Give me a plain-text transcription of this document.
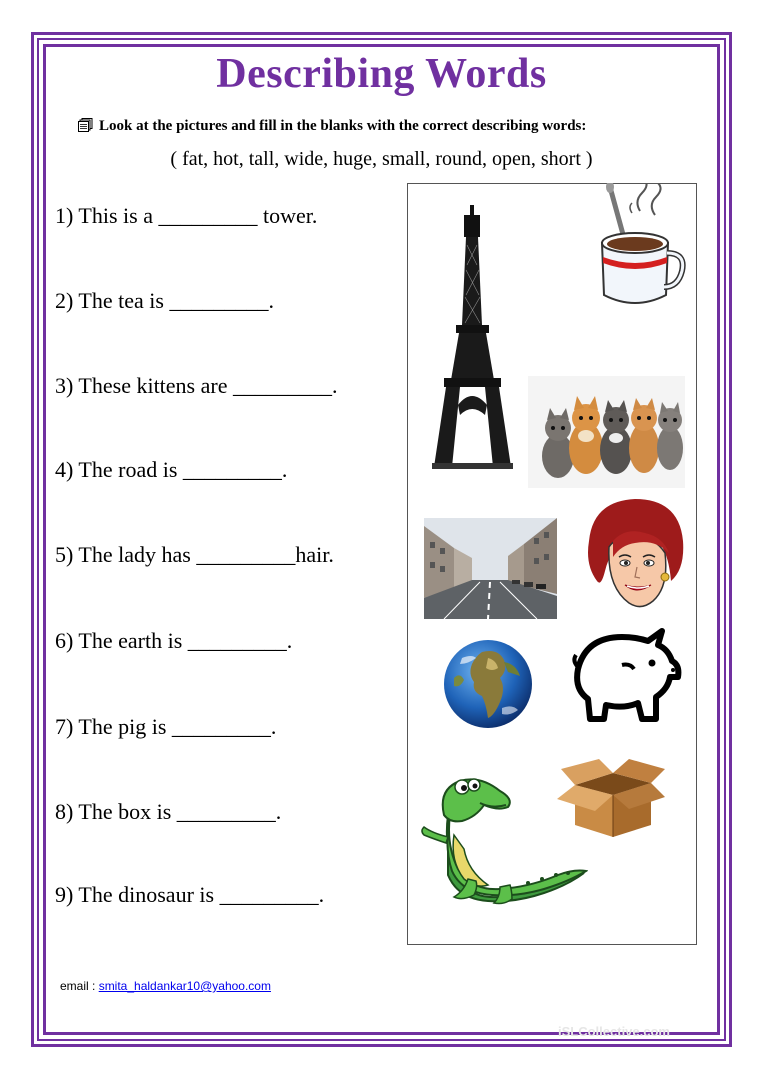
Describing Words
Look at the pictures and fill in the blanks with the correct describing words:
( fat, hot, tall, wide, huge, small, round, open, short )
1) This is a _________ tower.
2) The tea is _________.
3) These kittens are _________.
4) The road is _________.
5) The lady has _________hair.
6) The earth is _________.
7) The pig is _________.
8) The box is _________.
9) The dinosaur is _________.
email : smita_haldankar10@yahoo.com
iSLCollective.com
